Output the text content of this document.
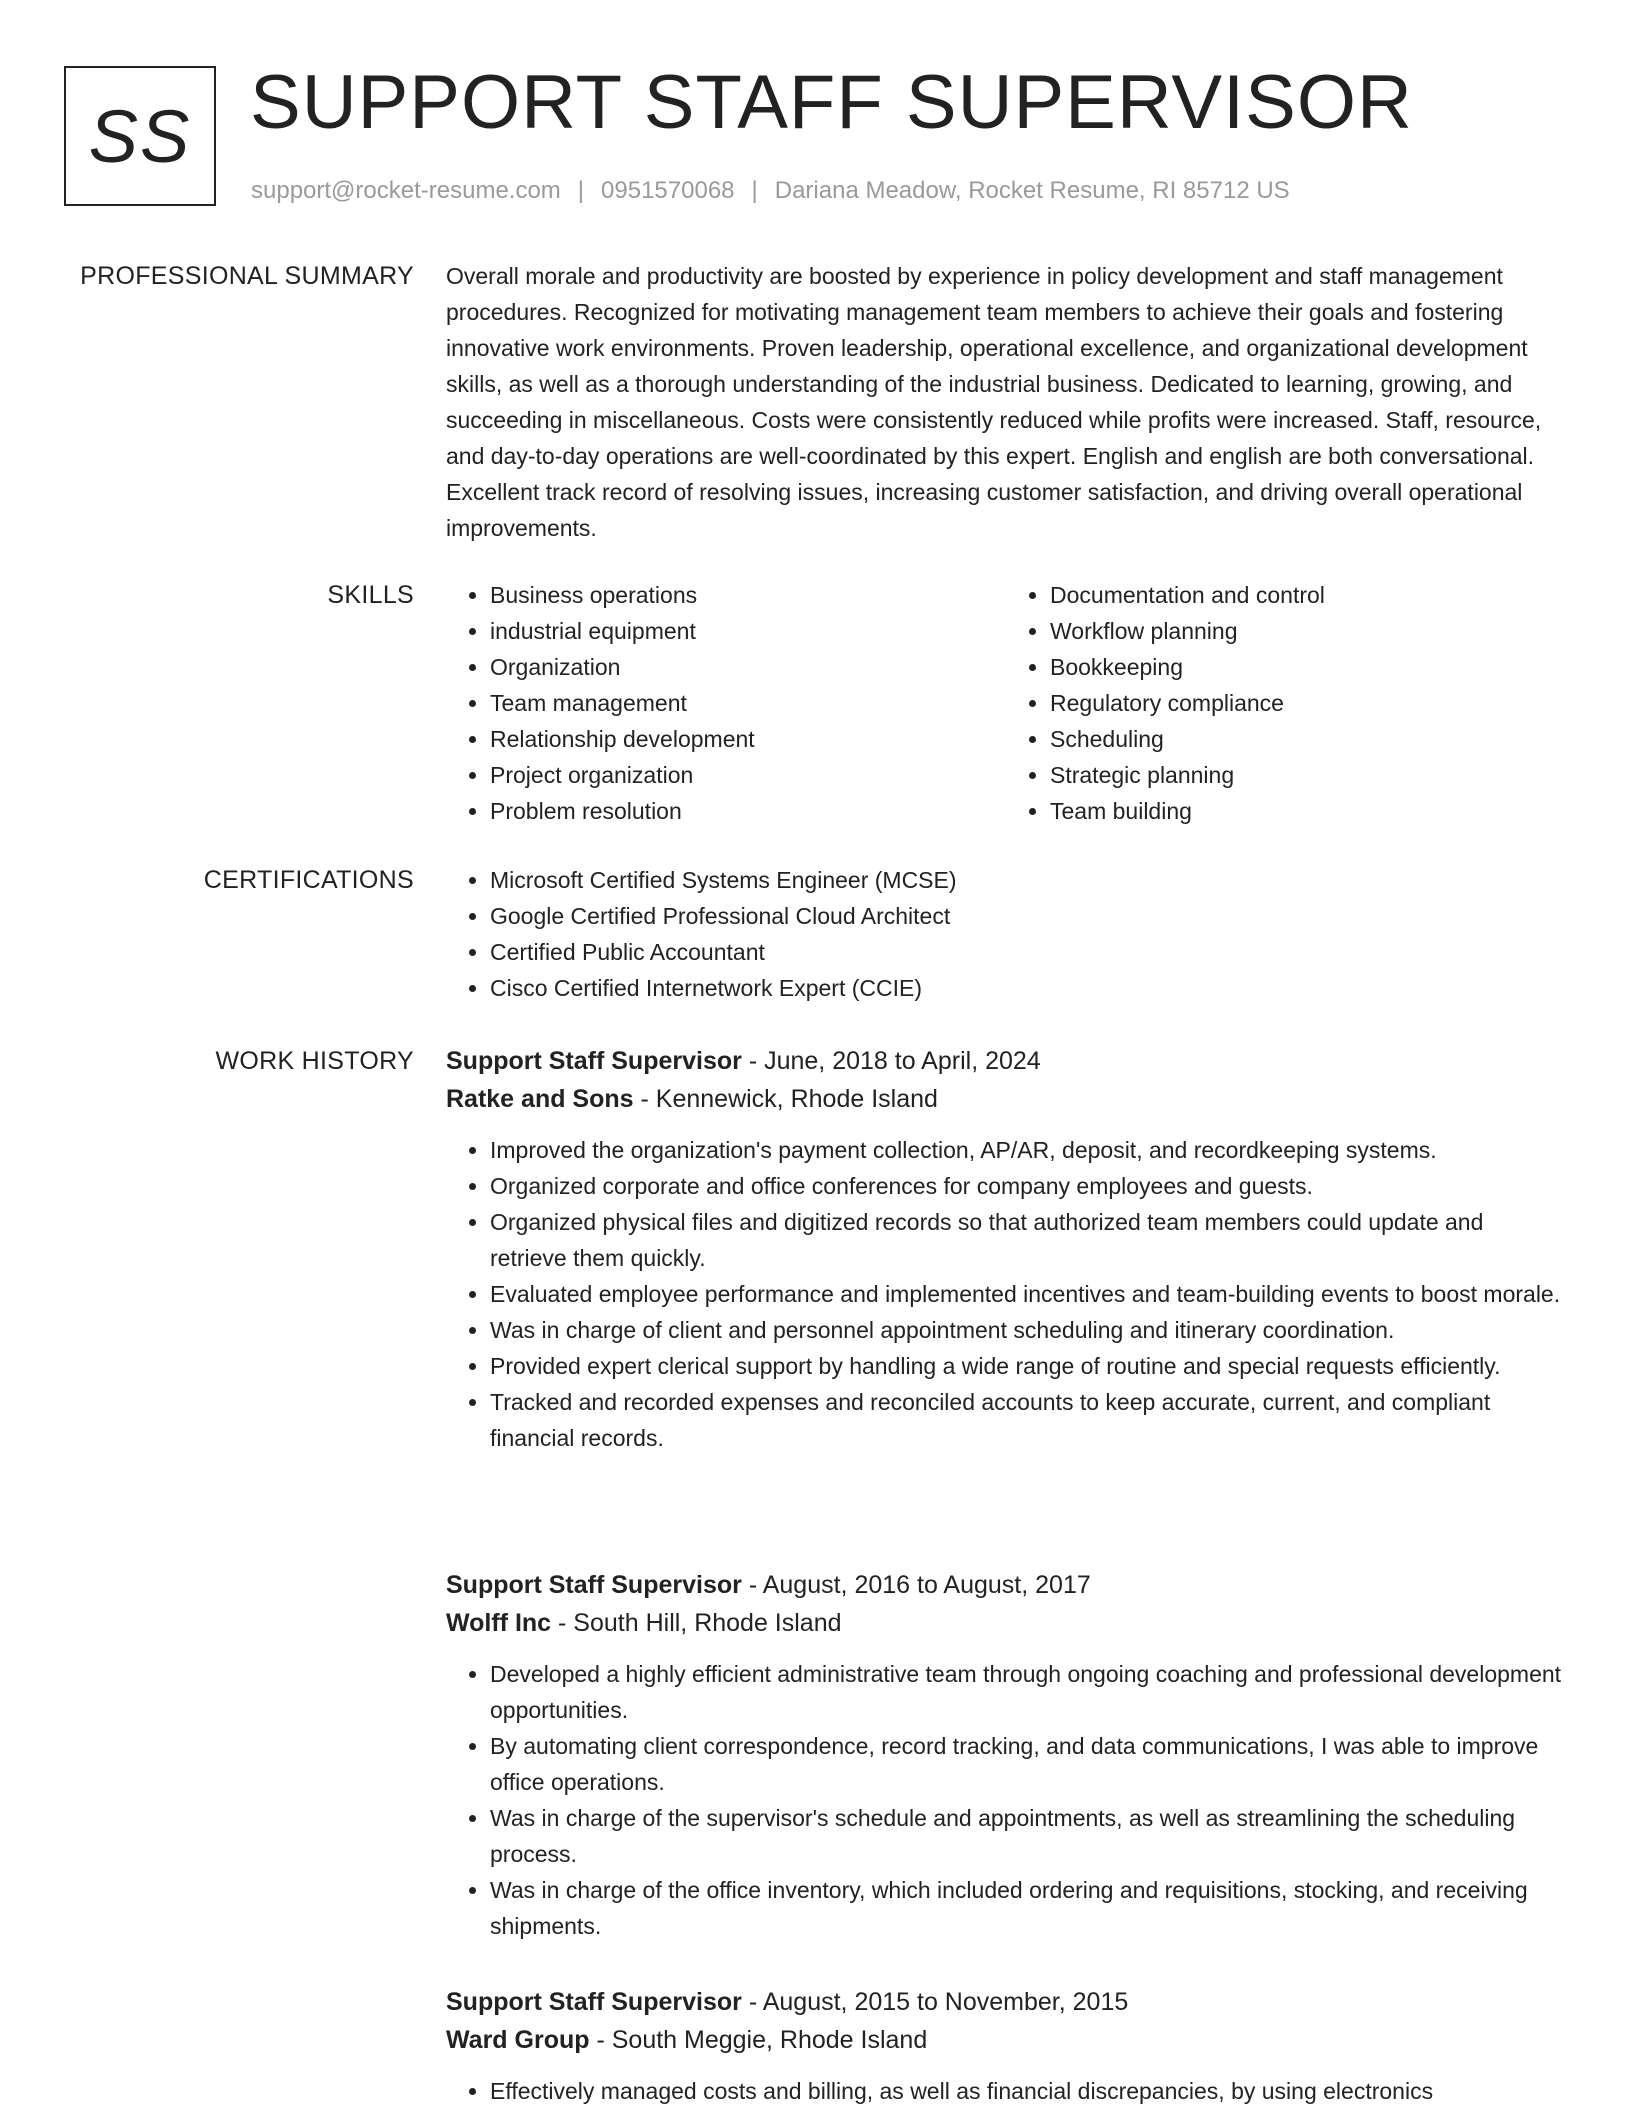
SS SUPPORT STAFF SUPERVISOR
support@rocket-resume.com | 0951570068 | Dariana Meadow, Rocket Resume, RI 85712 US
PROFESSIONAL SUMMARY Overall morale and productivity are boosted by experience in policy development and staff management procedures. Recognized for motivating management team members to achieve their goals and fostering innovative work environments. Proven leadership, operational excellence, and organizational development skills, as well as a thorough understanding of the industrial business. Dedicated to learning, growing, and succeeding in miscellaneous. Costs were consistently reduced while profits were increased. Staff, resource, and day-to-day operations are well-coordinated by this expert. English and english are both conversational. Excellent track record of resolving issues, increasing customer satisfaction, and driving overall operational improvements.

SKILLS	• Business operations
• industrial equipment
• Organization
• Team management
• Relationship development
• Project organization
• Problem resolution
• Documentation and control
• Workflow planning
• Bookkeeping
• Regulatory compliance
• Scheduling
• Strategic planning
• Team building
CERTIFICATIONS	• Microsoft Certified Systems Engineer (MCSE)
• Google Certified Professional Cloud Architect
• Certified Public Accountant
• Cisco Certified Internetwork Expert (CCIE)
WORK HISTORY Support Staff Supervisor - June, 2018 to April, 2024
Ratke and Sons - Kennewick, Rhode Island
• Improved the organization's payment collection, AP/AR, deposit, and recordkeeping systems.
• Organized corporate and office conferences for company employees and guests.
• Organized physical files and digitized records so that authorized team members could update and retrieve them quickly.
• Evaluated employee performance and implemented incentives and team-building events to boost morale.
• Was in charge of client and personnel appointment scheduling and itinerary coordination.
• Provided expert clerical support by handling a wide range of routine and special requests efficiently.
• Tracked and recorded expenses and reconciled accounts to keep accurate, current, and compliant financial records.
Support Staff Supervisor - August, 2016 to August, 2017
Wolff Inc - South Hill, Rhode Island
• Developed a highly efficient administrative team through ongoing coaching and professional development opportunities.
• By automating client correspondence, record tracking, and data communications, I was able to improve office operations.
• Was in charge of the supervisor's schedule and appointments, as well as streamlining the scheduling process.
• Was in charge of the office inventory, which included ordering and requisitions, stocking, and receiving shipments.
Support Staff Supervisor - August, 2015 to November, 2015
Ward Group - South Meggie, Rhode Island
• Effectively managed costs and billing, as well as financial discrepancies, by using electronics
